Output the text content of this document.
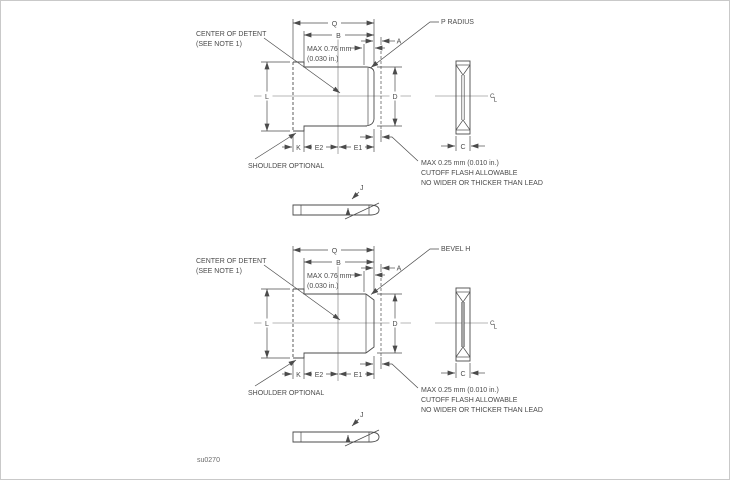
Q
B
A
L	D
K E2	E1
CENTER OF DETENT
(SEE NOTE 1)
P RADIUS
MAX 0.76 mm
(0.030 in.)
SHOULDER OPTIONAL	MAX 0.25 mm (0.010 in.)
CUTOFF FLASH ALLOWABLE
NO WIDER OR THICKER THAN LEAD
C
L
C
J
Q
B
A
L	D
K E2	E1
CENTER OF DETENT
(SEE NOTE 1)
BEVEL H
MAX 0.76 mm
(0.030 in.)
SHOULDER OPTIONAL	MAX 0.25 mm (0.010 in.)
CUTOFF FLASH ALLOWABLE
NO WIDER OR THICKER THAN LEAD
C
L
C
J
su0270
